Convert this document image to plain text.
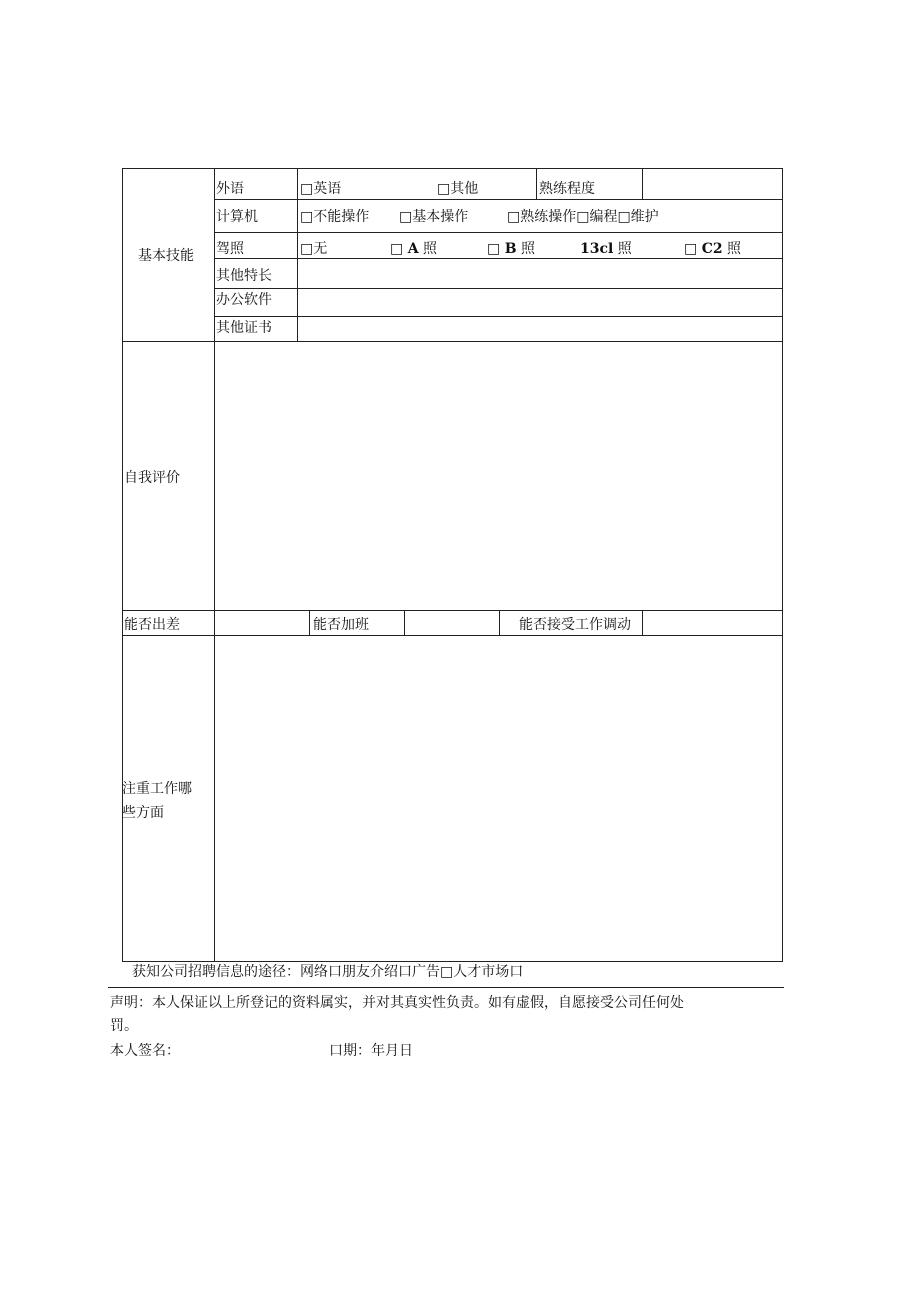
基本技能
外语	□英语	□其他	熟练程度
计算机	□不能操作 □基本操作	□熟练操作□编程□维护
驾照	□无	□ A 照	□ B 照	13cl 照	□ C2 照
其他特长
办公软件
其他证书
自我评价
能否出差	能否加班	能否接受工作调动
注重工作哪
些方面
获知公司招聘信息的途径：网络口朋友介绍口广告□人才市场口
声明：本人保证以上所登记的资料属实，并对其真实性负责。如有虚假，自愿接受公司任何处
罚。
本人签名：	口期：年月日
